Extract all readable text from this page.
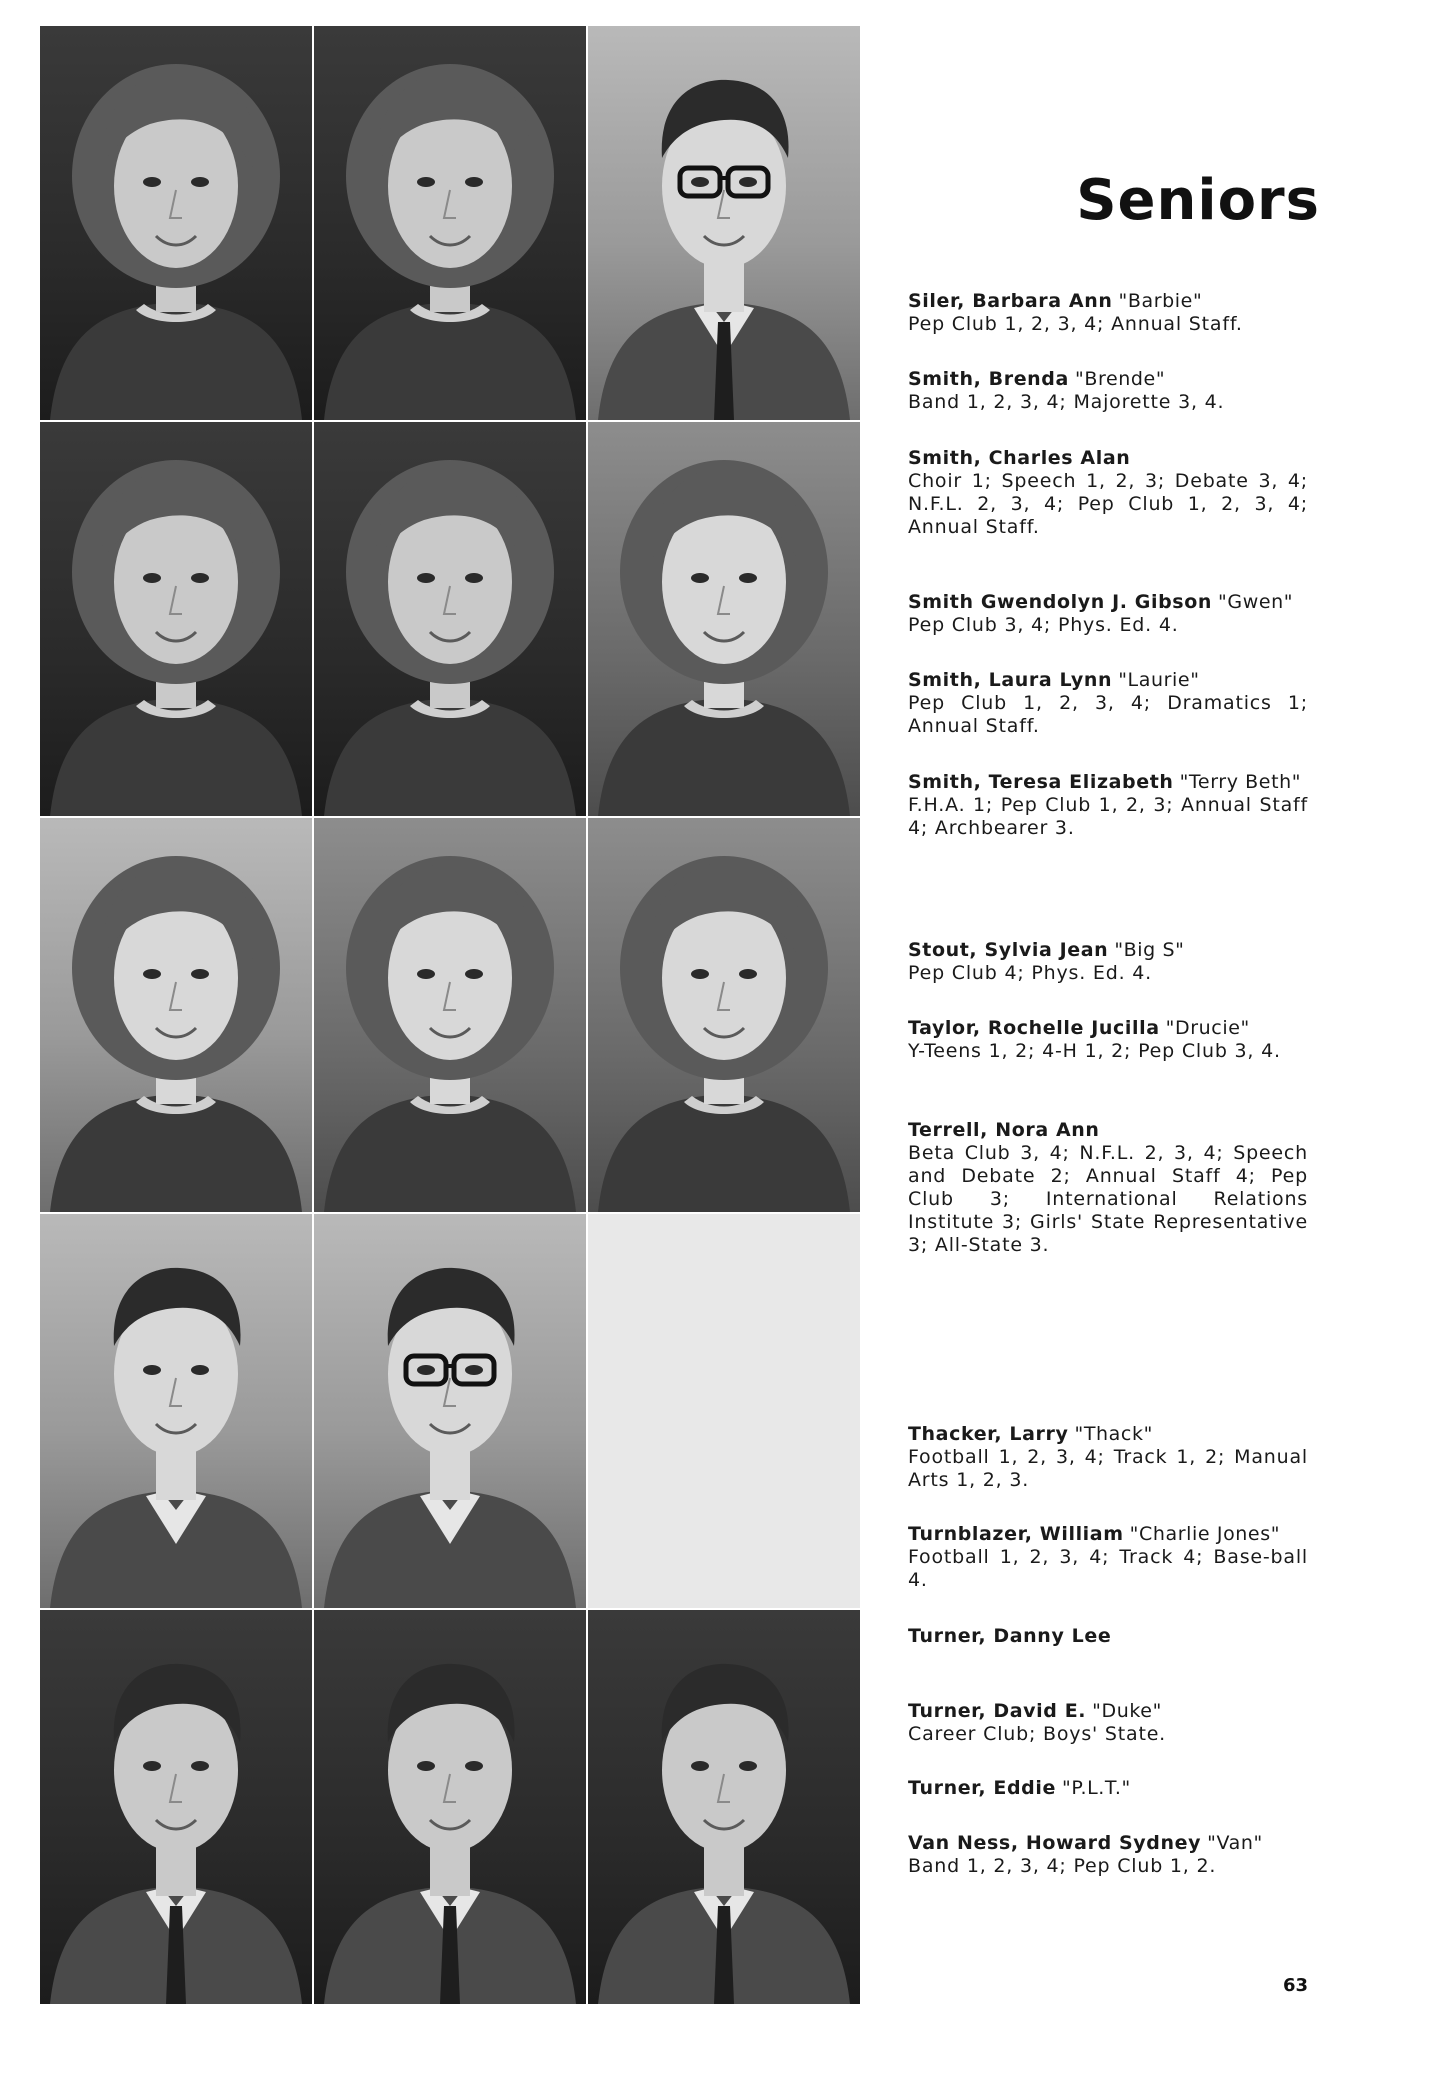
Seniors
Siler, Barbara Ann "Barbie"
Pep Club 1, 2, 3, 4; Annual Staff.
Smith, Brenda "Brende"
Band 1, 2, 3, 4; Majorette 3, 4.
Smith, Charles Alan
Choir 1; Speech 1, 2, 3; Debate 3, 4; N.F.L. 2, 3, 4; Pep Club 1, 2, 3, 4; Annual Staff.
Smith Gwendolyn J. Gibson "Gwen"
Pep Club 3, 4; Phys. Ed. 4.
Smith, Laura Lynn "Laurie"
Pep Club 1, 2, 3, 4; Dramatics 1; Annual Staff.
Smith, Teresa Elizabeth "Terry Beth"
F.H.A. 1; Pep Club 1, 2, 3; Annual Staff 4; Archbearer 3.
Stout, Sylvia Jean "Big S"
Pep Club 4; Phys. Ed. 4.
Taylor, Rochelle Jucilla "Drucie"
Y-Teens 1, 2; 4-H 1, 2; Pep Club 3, 4.
Terrell, Nora Ann
Beta Club 3, 4; N.F.L. 2, 3, 4; Speech and Debate 2; Annual Staff 4; Pep Club 3; International Relations Institute 3; Girls' State Representative 3; All-State 3.
Thacker, Larry "Thack"
Football 1, 2, 3, 4; Track 1, 2; Manual Arts 1, 2, 3.
Turnblazer, William "Charlie Jones"
Football 1, 2, 3, 4; Track 4; Base-ball 4.
Turner, Danny Lee
Turner, David E. "Duke"
Career Club; Boys' State.
Turner, Eddie "P.L.T."
Van Ness, Howard Sydney "Van"
Band 1, 2, 3, 4; Pep Club 1, 2.
63
